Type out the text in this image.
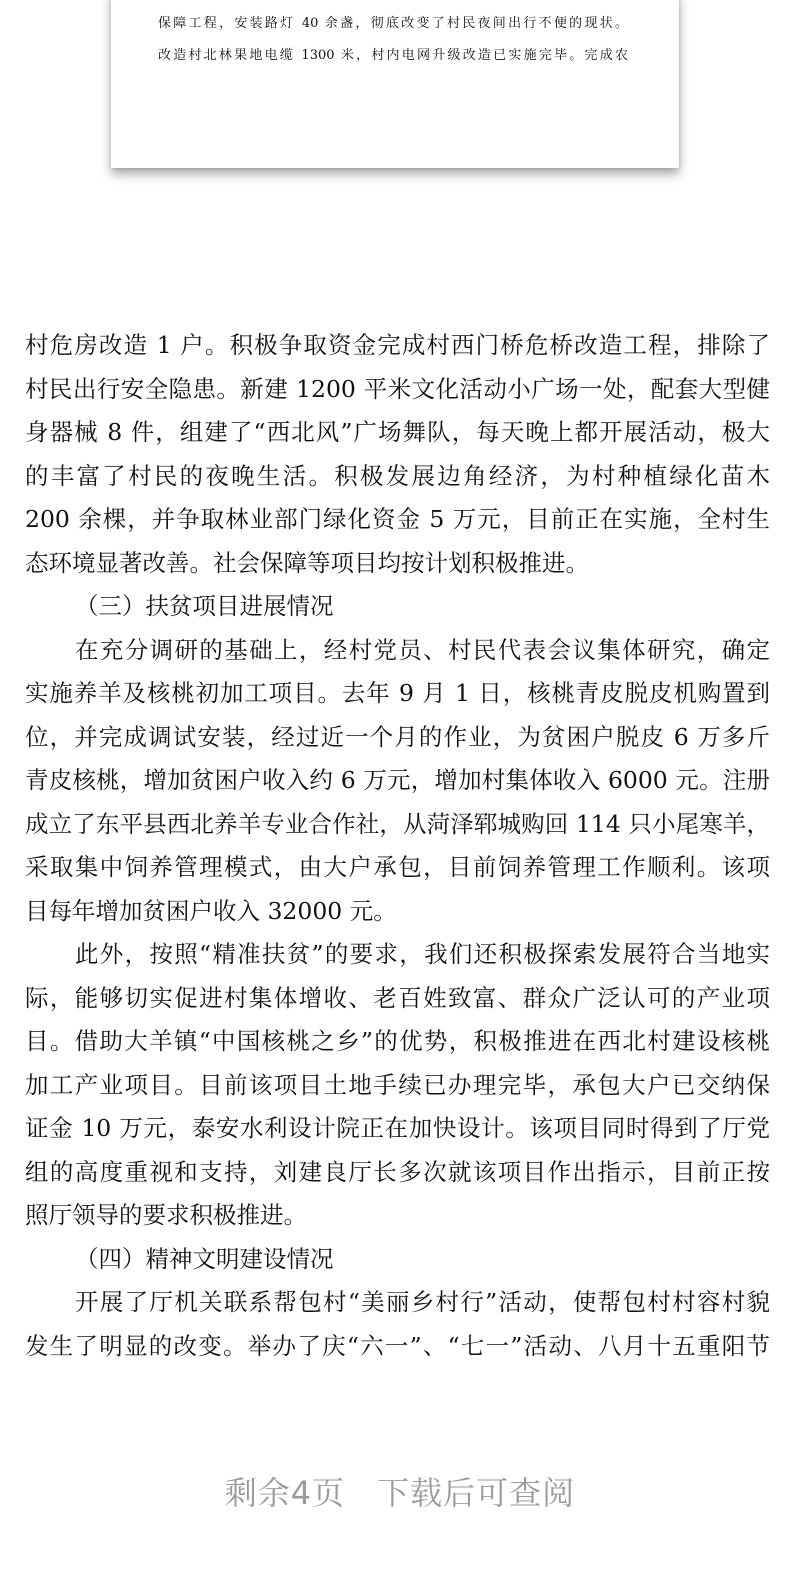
保障工程，安装路灯 40 余盏，彻底改变了村民夜间出行不便的现状。
改造村北林果地电缆 1300 米，村内电网升级改造已实施完毕。完成农
村危房改造 1 户。积极争取资金完成村西门桥危桥改造工程，排除了
村民出行安全隐患。新建 1200 平米文化活动小广场一处，配套大型健
身器械 8 件，组建了“西北风”广场舞队，每天晚上都开展活动，极大
的丰富了村民的夜晚生活。积极发展边角经济，为村种植绿化苗木
200 余棵，并争取林业部门绿化资金 5 万元，目前正在实施，全村生
态环境显著改善。社会保障等项目均按计划积极推进。
（三）扶贫项目进展情况
在充分调研的基础上，经村党员、村民代表会议集体研究，确定
实施养羊及核桃初加工项目。去年 9 月 1 日，核桃青皮脱皮机购置到
位，并完成调试安装，经过近一个月的作业，为贫困户脱皮 6 万多斤
青皮核桃，增加贫困户收入约 6 万元，增加村集体收入 6000 元。注册
成立了东平县西北养羊专业合作社，从菏泽郓城购回 114 只小尾寒羊，
采取集中饲养管理模式，由大户承包，目前饲养管理工作顺利。该项
目每年增加贫困户收入 32000 元。
此外，按照“精准扶贫”的要求，我们还积极探索发展符合当地实
际，能够切实促进村集体增收、老百姓致富、群众广泛认可的产业项
目。借助大羊镇“中国核桃之乡”的优势，积极推进在西北村建设核桃
加工产业项目。目前该项目土地手续已办理完毕，承包大户已交纳保
证金 10 万元，泰安水利设计院正在加快设计。该项目同时得到了厅党
组的高度重视和支持，刘建良厅长多次就该项目作出指示，目前正按
照厅领导的要求积极推进。
（四）精神文明建设情况
开展了厅机关联系帮包村“美丽乡村行”活动，使帮包村村容村貌
发生了明显的改变。举办了庆“六一”、“七一”活动、八月十五重阳节
剩余4页 下载后可查阅
